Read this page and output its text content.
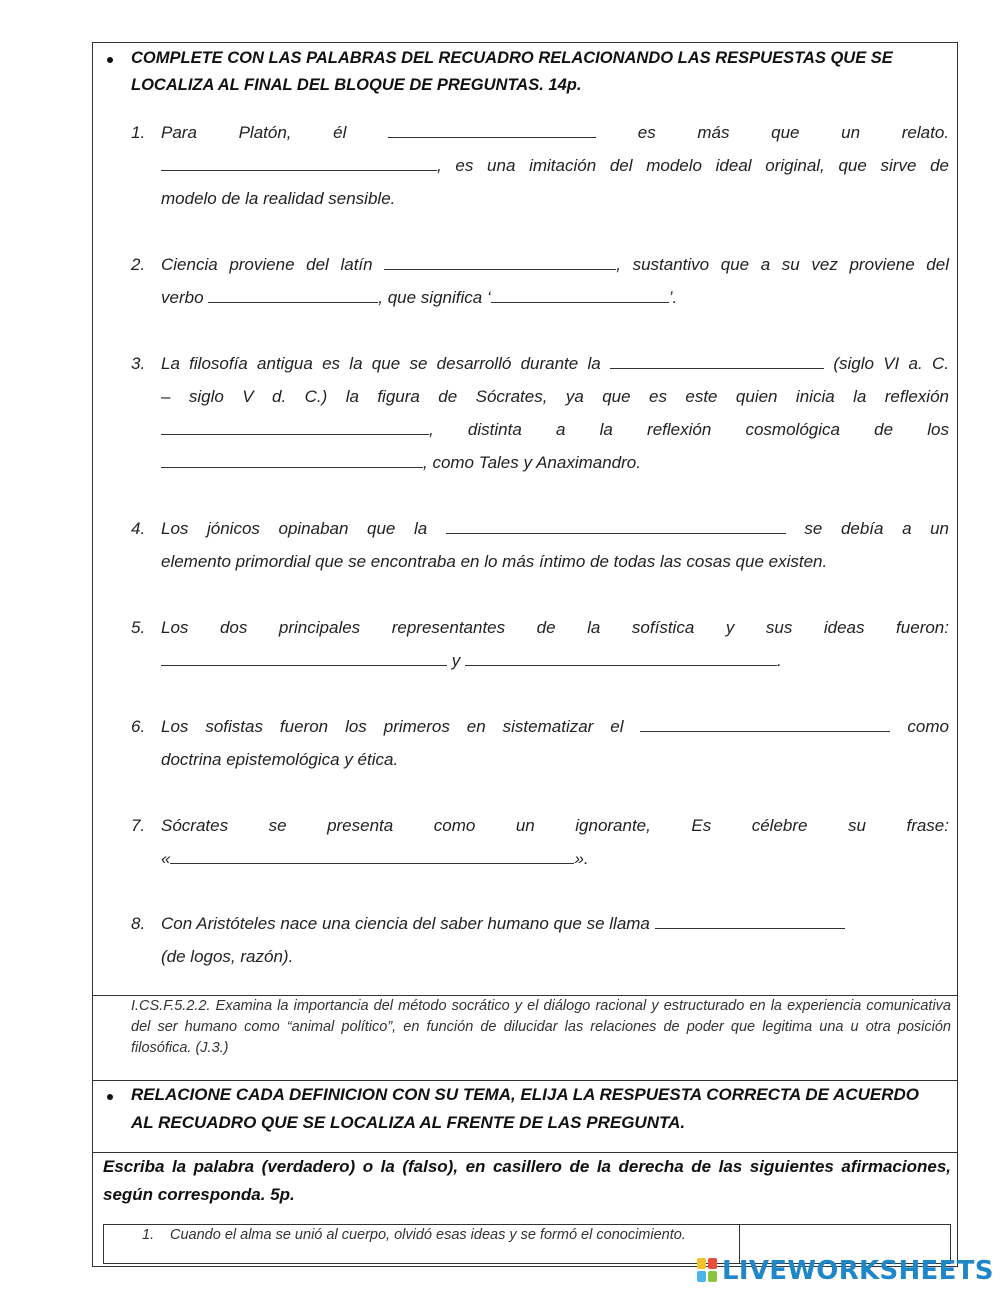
COMPLETE CON LAS PALABRAS DEL RECUADRO RELACIONANDO LAS RESPUESTAS QUE SE LOCALIZA AL FINAL DEL BLOQUE DE PREGUNTAS. 14p.
1. Para Platón, él	es más que un relato.
, es una imitación del modelo ideal original, que sirve de
modelo de la realidad sensible.
2. Ciencia proviene del latín	, sustantivo que a su vez proviene del
verbo	, que significa ‘	’.
3. La filosofía antigua es la que se desarrolló durante la	(siglo VI a. C.
– siglo V d. C.) la figura de Sócrates, ya que es este quien inicia la reflexión
, distinta a la reflexión cosmológica de los
, como Tales y Anaximandro.
4. Los jónicos opinaban que la	se debía a un
elemento primordial que se encontraba en lo más íntimo de todas las cosas que existen.
5. Los dos principales representantes de la sofística y sus ideas fueron:
y	.
6. Los sofistas fueron los primeros en sistematizar el	como
doctrina epistemológica y ética.
7. Sócrates se presenta como un ignorante, Es célebre su frase:
«	».
8. Con Aristóteles nace una ciencia del saber humano que se llama
(de logos, razón).
I.CS.F.5.2.2. Examina la importancia del método socrático y el diálogo racional y estructurado en la experiencia comunicativa del ser humano como “animal político”, en función de dilucidar las relaciones de poder que legitima una u otra posición filosófica. (J.3.)
RELACIONE CADA DEFINICION CON SU TEMA, ELIJA LA RESPUESTA CORRECTA DE ACUERDO AL RECUADRO QUE SE LOCALIZA AL FRENTE DE LAS PREGUNTA.
Escriba la palabra (verdadero) o la (falso), en casillero de la derecha de las siguientes afirmaciones, según corresponda. 5p.
1. Cuando el alma se unió al cuerpo, olvidó esas ideas y se formó el conocimiento.
LIVEWORKSHEETS
